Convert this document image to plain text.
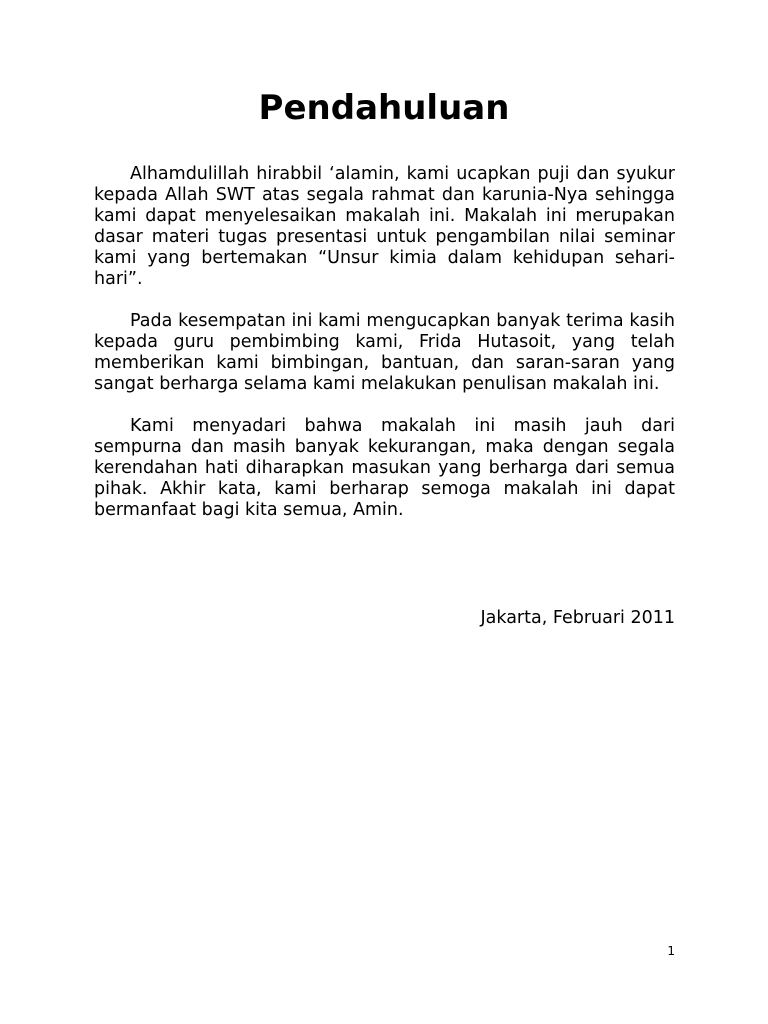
Pendahuluan

Alhamdulillah hirabbil ‘alamin, kami ucapkan puji dan syukur kepada Allah SWT atas segala rahmat dan karunia-Nya sehingga kami dapat menyelesaikan makalah ini. Makalah ini merupakan dasar materi tugas presentasi untuk pengambilan nilai seminar kami yang bertemakan “Unsur kimia dalam kehidupan sehari-hari”.

Pada kesempatan ini kami mengucapkan banyak terima kasih kepada guru pembimbing kami, Frida Hutasoit, yang telah memberikan kami bimbingan, bantuan, dan saran-saran yang sangat berharga selama kami melakukan penulisan makalah ini.

Kami menyadari bahwa makalah ini masih jauh dari sempurna dan masih banyak kekurangan, maka dengan segala kerendahan hati diharapkan masukan yang berharga dari semua pihak. Akhir kata, kami berharap semoga makalah ini dapat bermanfaat bagi kita semua, Amin.

Jakarta, Februari 2011

1
